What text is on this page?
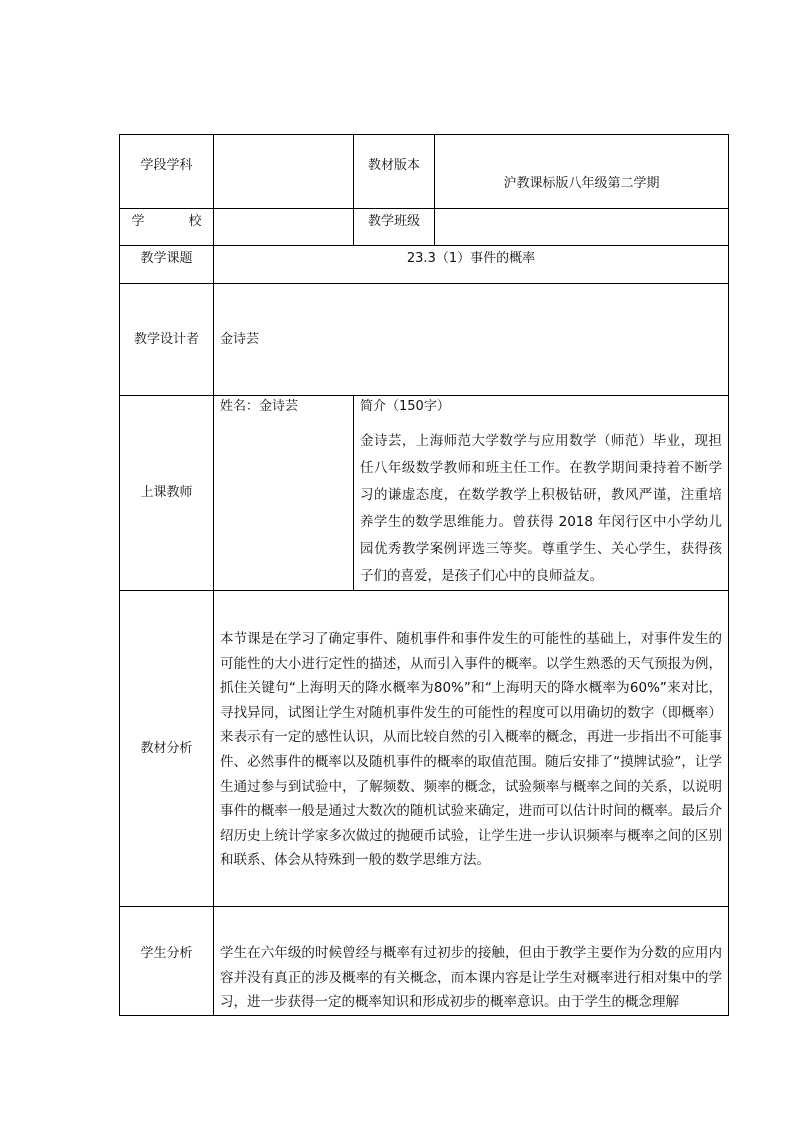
学段学科		教材版本	沪教课标版八年级第二学期
学 校		教学班级	
教学课题	23.3（1）事件的概率		
教学设计者	金诗芸		
上课教师	姓名：金诗芸	简介（150字）
金诗芸，上海师范大学数学与应用数学（师范）毕业，现担任八年级数学教师和班主任工作。在教学期间秉持着不断学习的谦虚态度，在数学教学上积极钻研，教风严谨，注重培养学生的数学思维能力。曾获得 2018 年闵行区中小学幼儿园优秀教学案例评选三等奖。尊重学生、关心学生，获得孩子们的喜爱，是孩子们心中的良师益友。	

教材分析	本节课是在学习了确定事件、随机事件和事件发生的可能性的基础上，对事件发生的可能性的大小进行定性的描述，从而引入事件的概率。以学生熟悉的天气预报为例，抓住关键句“上海明天的降水概率为80%”和“上海明天的降水概率为60%”来对比，寻找异同，试图让学生对随机事件发生的可能性的程度可以用确切的数字（即概率）来表示有一定的感性认识，从而比较自然的引入概率的概念，再进一步指出不可能事件、必然事件的概率以及随机事件的概率的取值范围。随后安排了“摸牌试验”，让学生通过参与到试验中，了解频数、频率的概念，试验频率与概率之间的关系，以说明事件的概率一般是通过大数次的随机试验来确定，进而可以估计时间的概率。最后介绍历史上统计学家多次做过的抛硬币试验，让学生进一步认识频率与概率之间的区别和联系、体会从特殊到一般的数学思维方法。		

学生分析	学生在六年级的时候曾经与概率有过初步的接触，但由于教学主要作为分数的应用内容并没有真正的涉及概率的有关概念，而本课内容是让学生对概率进行相对集中的学习，进一步获得一定的概率知识和形成初步的概率意识。由于学生的概念理解		
